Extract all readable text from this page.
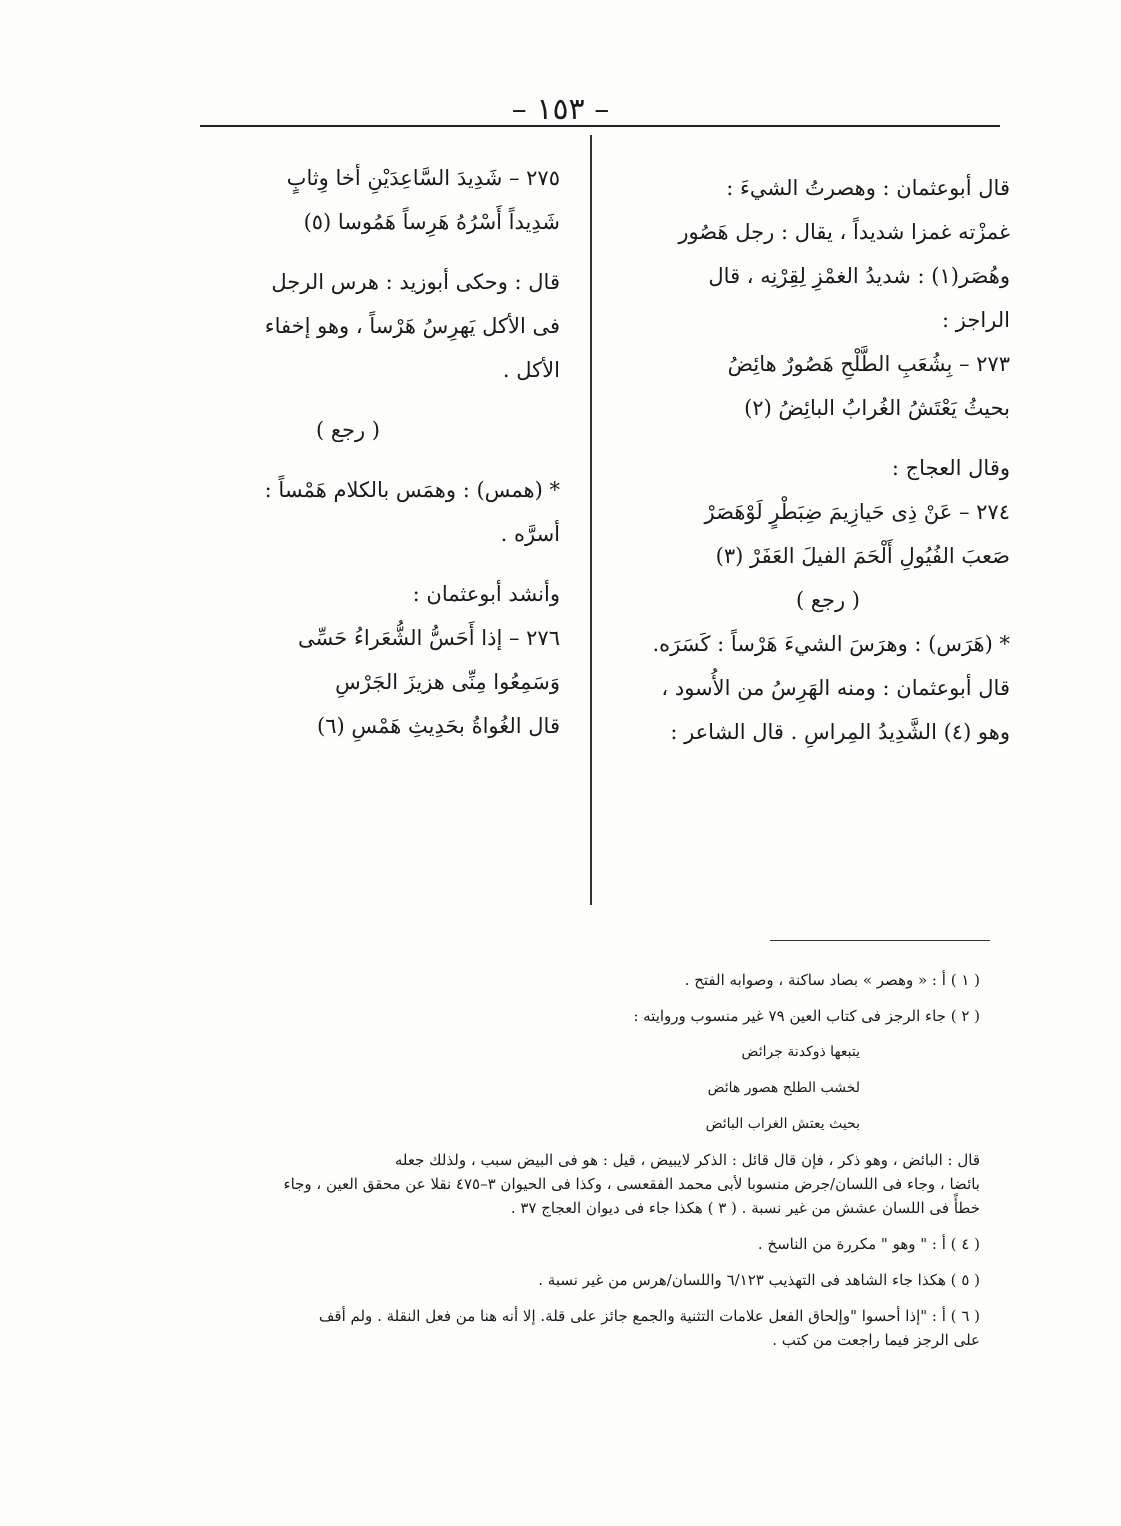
– ١٥٣ –
قال أبوعثمان : وهصرتُ الشيءَ :
غمزْته غمزا شديداً ، يقال : رجل هَصُور
وهُصَر(١) : شديدُ الغمْزِ لِقِرْنِه ، قال
الراجز :
٢٧٣ – بِشُعَبِ الطَّلْحِ هَصُورٌ هائِضُ
بحيثُ يَعْتَشُ الغُرابُ البائِضُ (٢)
وقال العجاج :
٢٧٤ – عَنْ ذِى حَيازِيمَ ضِبَطْرٍ لَوْهَصَرْ
صَعبَ الفُيُولِ أَلْحَمَ الفيلَ العَفَرْ (٣)
( رجع )
* (هَرَس) : وهرَسَ الشيءَ هَرْساً : كَسَرَه.
قال أبوعثمان : ومنه الهَرِسُ من الأُسود ،
وهو (٤) الشَّدِيدُ المِراسِ . قال الشاعر :
٢٧٥ – شَدِيدَ السَّاعِدَيْنِ أخا وِثابٍ
شَدِيداً أَسْرُهُ هَرِساً هَمُوسا (٥)
قال : وحكى أبوزيد : هرس الرجل
فى الأكل يَهرِسُ هَرْساً ، وهو إخفاء
الأكل .
( رجع )
* (همس) : وهمَس بالكلام هَمْساً :
أسرَّه .
وأنشد أبوعثمان :
٢٧٦ – إذا أَحَسُّ الشُّعَراءُ حَسِّى
وَسَمِعُوا مِنِّى هزيزَ الجَرْسِ
قال الغُواةُ بحَدِيثِ هَمْسِ (٦)
( ١ ) أ : « وهصر » بصاد ساكنة ، وصوابه الفتح .
( ٢ ) جاء الرجز فى كتاب العين ٧٩ غير منسوب وروايته :
يتبعها ذوكدنة جرائض
لخشب الطلح هصور هائض
بحيث يعتش الغراب البائض
قال : البائض ، وهو ذكر ، فإن قال قائل : الذكر لايبيض ، قيل : هو فى البيض سبب ، ولذلك جعله
بائضا ، وجاء فى اللسان/جرض منسوبا لأبى محمد الفقعسى ، وكذا فى الحيوان ٣–٤٧٥ نقلا عن محقق العين ، وجاء
خطأً فى اللسان عشش من غير نسبة . ( ٣ ) هكذا جاء فى ديوان العجاج ٣٧ .
( ٤ ) أ : " وهو " مكررة من الناسخ .
( ٥ ) هكذا جاء الشاهد فى التهذيب ٦/١٢٣ واللسان/هرس من غير نسبة .
( ٦ ) أ : "إذا أحسوا "وإلحاق الفعل علامات التثنية والجمع جائز على قلة. إلا أنه هنا من فعل النقلة . ولم أقف
على الرجز فيما راجعت من كتب .
